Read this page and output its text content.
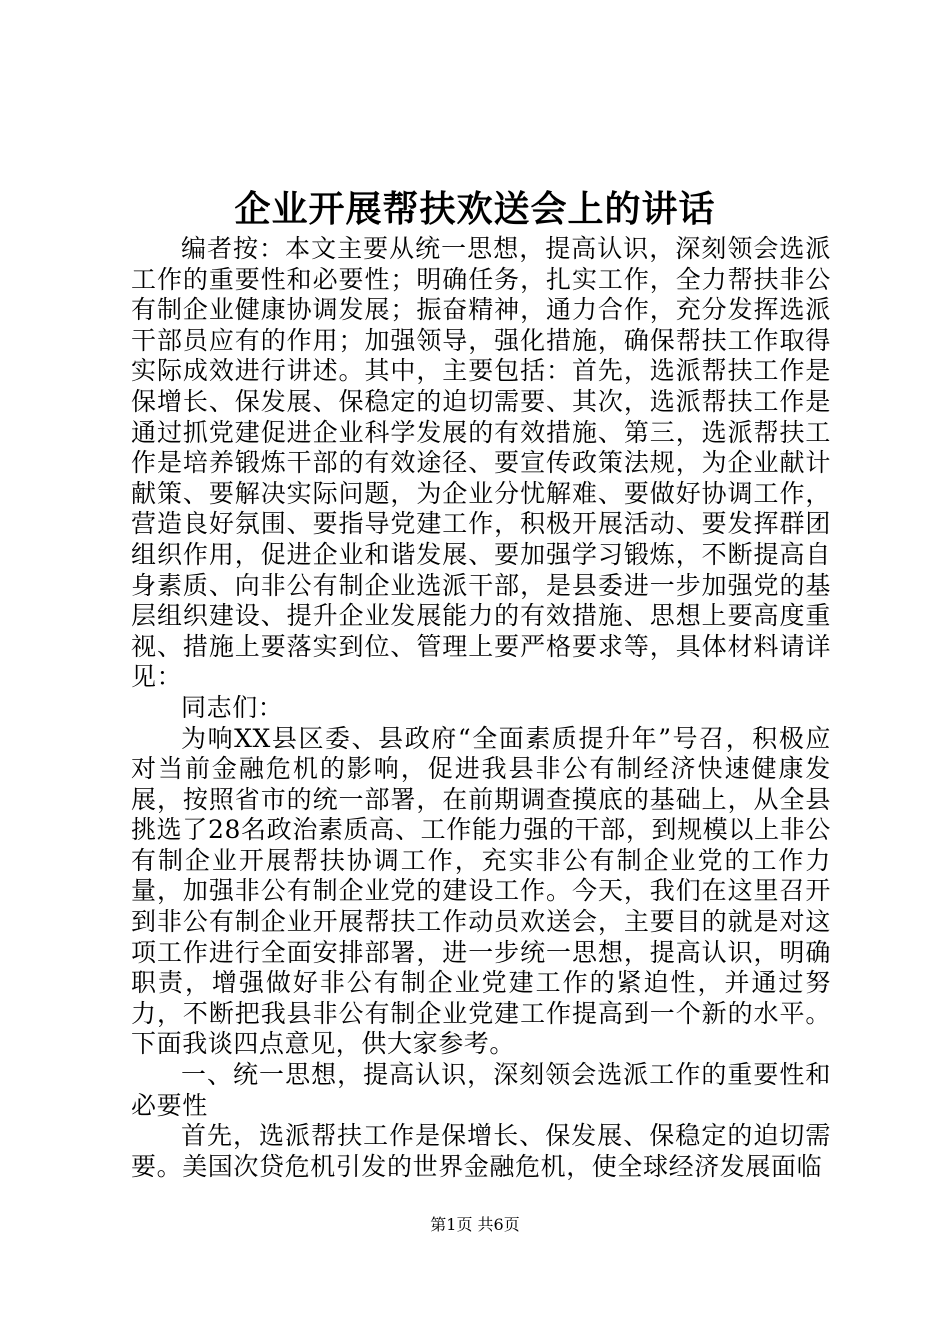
企业开展帮扶欢送会上的讲话

编者按：本文主要从统一思想，提高认识，深刻领会选派工作的重要性和必要性；明确任务，扎实工作，全力帮扶非公有制企业健康协调发展；振奋精神，通力合作，充分发挥选派干部员应有的作用；加强领导，强化措施，确保帮扶工作取得实际成效进行讲述。其中，主要包括：首先，选派帮扶工作是保增长、保发展、保稳定的迫切需要、其次，选派帮扶工作是通过抓党建促进企业科学发展的有效措施、第三，选派帮扶工作是培养锻炼干部的有效途径、要宣传政策法规，为企业献计献策、要解决实际问题，为企业分忧解难、要做好协调工作，营造良好氛围、要指导党建工作，积极开展活动、要发挥群团组织作用，促进企业和谐发展、要加强学习锻炼，不断提高自身素质、向非公有制企业选派干部，是县委进一步加强党的基层组织建设、提升企业发展能力的有效措施、思想上要高度重视、措施上要落实到位、管理上要严格要求等，具体材料请详见：

同志们：

为响XX县区委、县政府“全面素质提升年”号召，积极应对当前金融危机的影响，促进我县非公有制经济快速健康发展，按照省市的统一部署，在前期调查摸底的基础上，从全县挑选了28名政治素质高、工作能力强的干部，到规模以上非公有制企业开展帮扶协调工作，充实非公有制企业党的工作力量，加强非公有制企业党的建设工作。今天，我们在这里召开到非公有制企业开展帮扶工作动员欢送会，主要目的就是对这项工作进行全面安排部署，进一步统一思想，提高认识，明确职责，增强做好非公有制企业党建工作的紧迫性，并通过努力，不断把我县非公有制企业党建工作提高到一个新的水平。下面我谈四点意见，供大家参考。

一、统一思想，提高认识，深刻领会选派工作的重要性和必要性

首先，选派帮扶工作是保增长、保发展、保稳定的迫切需要。美国次贷危机引发的世界金融危机，使全球经济发展面临

第1页 共6页
